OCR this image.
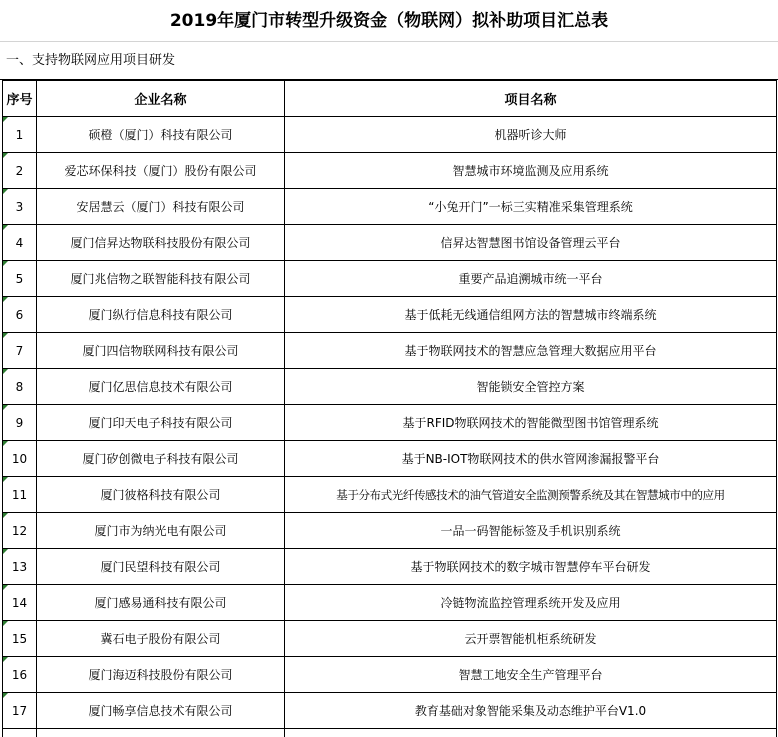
2019年厦门市转型升级资金（物联网）拟补助项目汇总表
一、支持物联网应用项目研发
序号	企业名称	项目名称
1	硕橙（厦门）科技有限公司	机器听诊大师
2	爱芯环保科技（厦门）股份有限公司	智慧城市环境监测及应用系统
3	安居慧云（厦门）科技有限公司	“小兔开门”一标三实精准采集管理系统
4	厦门信昇达物联科技股份有限公司	信昇达智慧图书馆设备管理云平台
5	厦门兆信物之联智能科技有限公司	重要产品追溯城市统一平台
6	厦门纵行信息科技有限公司	基于低耗无线通信组网方法的智慧城市终端系统
7	厦门四信物联网科技有限公司	基于物联网技术的智慧应急管理大数据应用平台
8	厦门亿思信息技术有限公司	智能锁安全管控方案
9	厦门印天电子科技有限公司	基于RFID物联网技术的智能微型图书馆管理系统
10	厦门矽创微电子科技有限公司	基于NB-IOT物联网技术的供水管网渗漏报警平台
11	厦门彼格科技有限公司	基于分布式光纤传感技术的油气管道安全监测预警系统及其在智慧城市中的应用
12	厦门市为纳光电有限公司	一品一码智能标签及手机识别系统
13	厦门民望科技有限公司	基于物联网技术的数字城市智慧停车平台研发
14	厦门感易通科技有限公司	冷链物流监控管理系统开发及应用
15	冀石电子股份有限公司	云开票智能机柜系统研发
16	厦门海迈科技股份有限公司	智慧工地安全生产管理平台
17	厦门畅享信息技术有限公司	教育基础对象智能采集及动态维护平台V1.0
